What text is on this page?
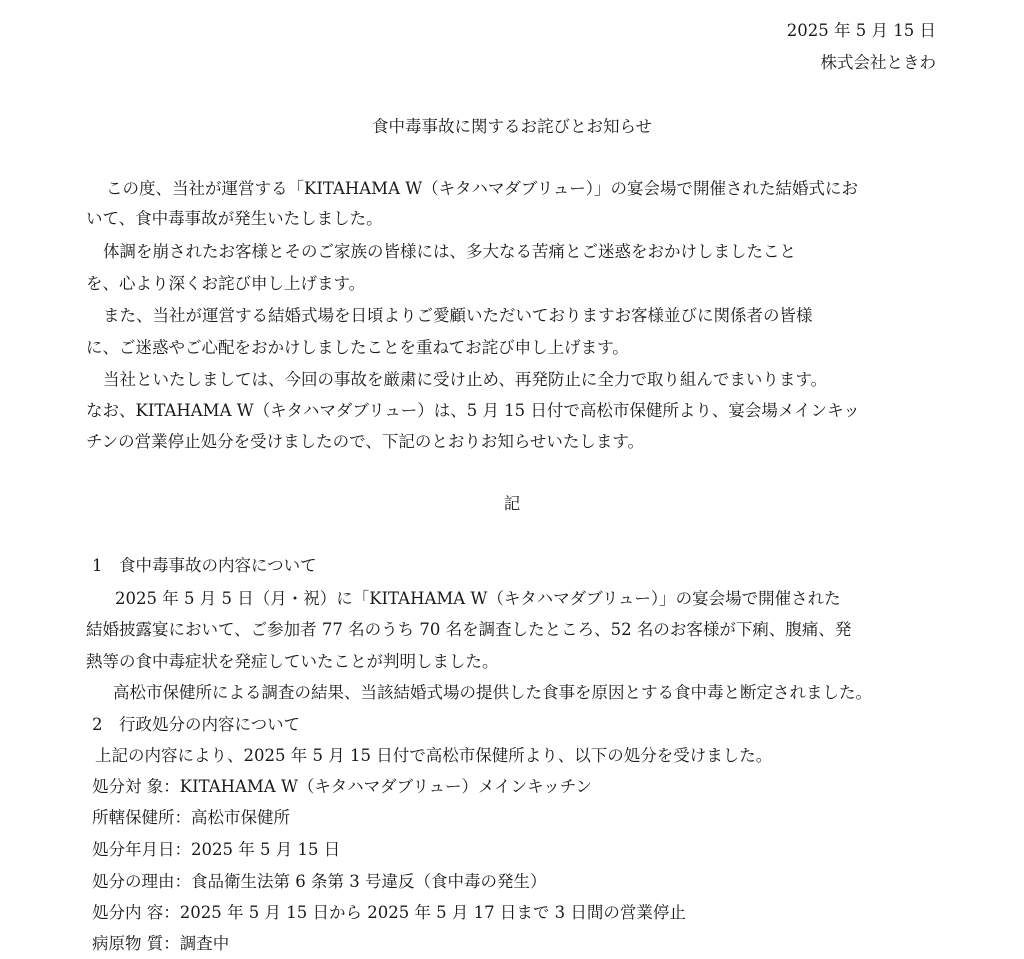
2025 年 5 月 15 日
株式会社ときわ
食中毒事故に関するお詫びとお知らせ
この度、当社が運営する「KITAHAMA W（キタハマダブリュー）」の宴会場で開催された結婚式にお
いて、食中毒事故が発生いたしました。
体調を崩されたお客様とそのご家族の皆様には、多大なる苦痛とご迷惑をおかけしましたこと
を、心より深くお詫び申し上げます。
また、当社が運営する結婚式場を日頃よりご愛顧いただいておりますお客様並びに関係者の皆様
に、ご迷惑やご心配をおかけしましたことを重ねてお詫び申し上げます。
当社といたしましては、今回の事故を厳粛に受け止め、再発防止に全力で取り組んでまいります。
なお、KITAHAMA W（キタハマダブリュー）は、5 月 15 日付で高松市保健所より、宴会場メインキッ
チンの営業停止処分を受けましたので、下記のとおりお知らせいたします。
記
1　食中毒事故の内容について
2025 年 5 月 5 日（月・祝）に「KITAHAMA W（キタハマダブリュー）」の宴会場で開催された
結婚披露宴において、ご参加者 77 名のうち 70 名を調査したところ、52 名のお客様が下痢、腹痛、発
熱等の食中毒症状を発症していたことが判明しました。
高松市保健所による調査の結果、当該結婚式場の提供した食事を原因とする食中毒と断定されました。
2　行政処分の内容について
上記の内容により、2025 年 5 月 15 日付で高松市保健所より、以下の処分を受けました。
処分対 象：KITAHAMA W（キタハマダブリュー）メインキッチン
所轄保健所：高松市保健所
処分年月日：2025 年 5 月 15 日
処分の理由：食品衛生法第 6 条第 3 号違反（食中毒の発生）
処分内 容：2025 年 5 月 15 日から 2025 年 5 月 17 日まで 3 日間の営業停止
病原物 質：調査中
